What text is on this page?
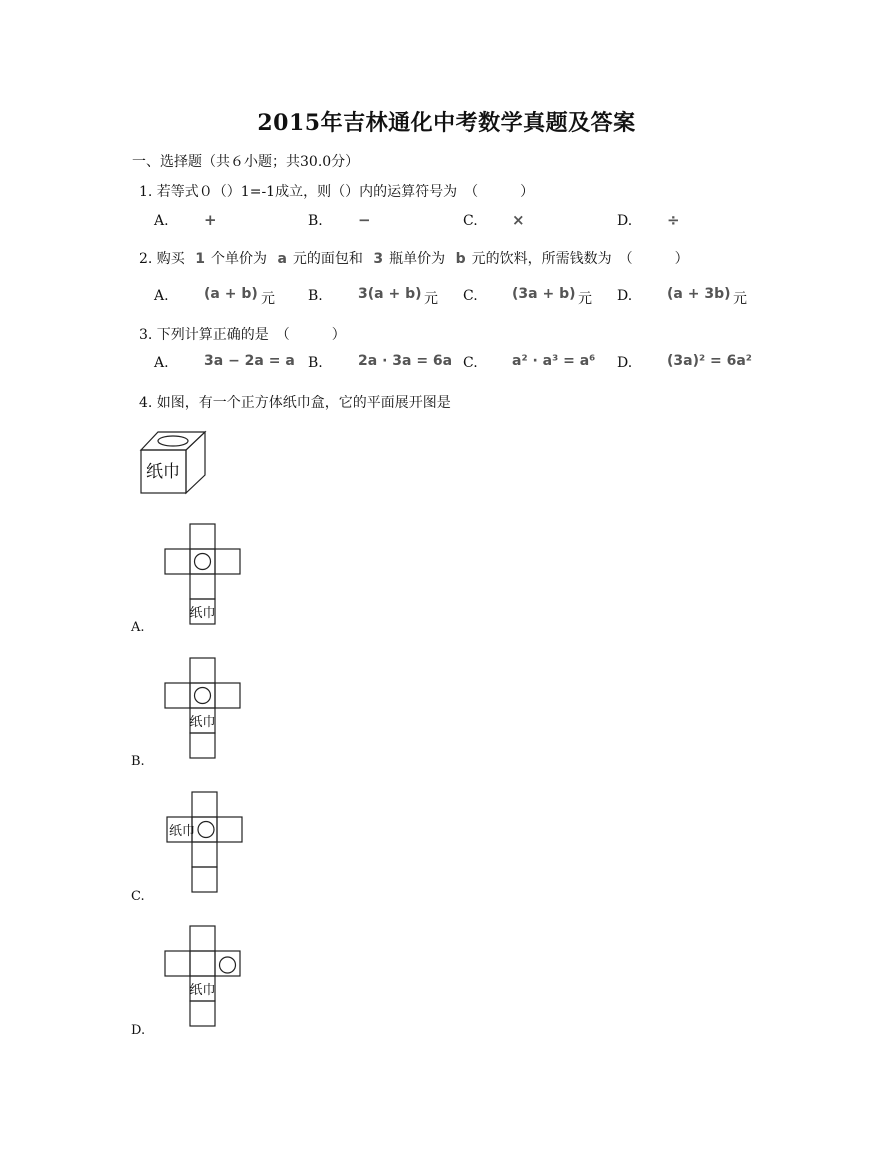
2015年吉林通化中考数学真题及答案
一、选择题（共６小题；共30.0分）
1. 若等式０（）1=-1成立，则（）内的运算符号为　（　　　）
A. +	B. −	C. ×	D. ÷
2. 购买 1 个单价为 a 元的面包和 3 瓶单价为 b 元的饮料，所需钱数为　（　　　）
A.	(a + b) 元 B.	3(a + b) 元 C. (3a + b) 元 D. (a + 3b) 元
3. 下列计算正确的是　（　　　）
A.	3a − 2a = a B.	2a · 3a = 6a C. a² · a³ = a⁶ D. (3a)² = 6a²
4. 如图，有一个正方体纸巾盒，它的平面展开图是
纸巾
纸巾
A.
纸巾
B.
纸巾
C.
纸巾
D.
